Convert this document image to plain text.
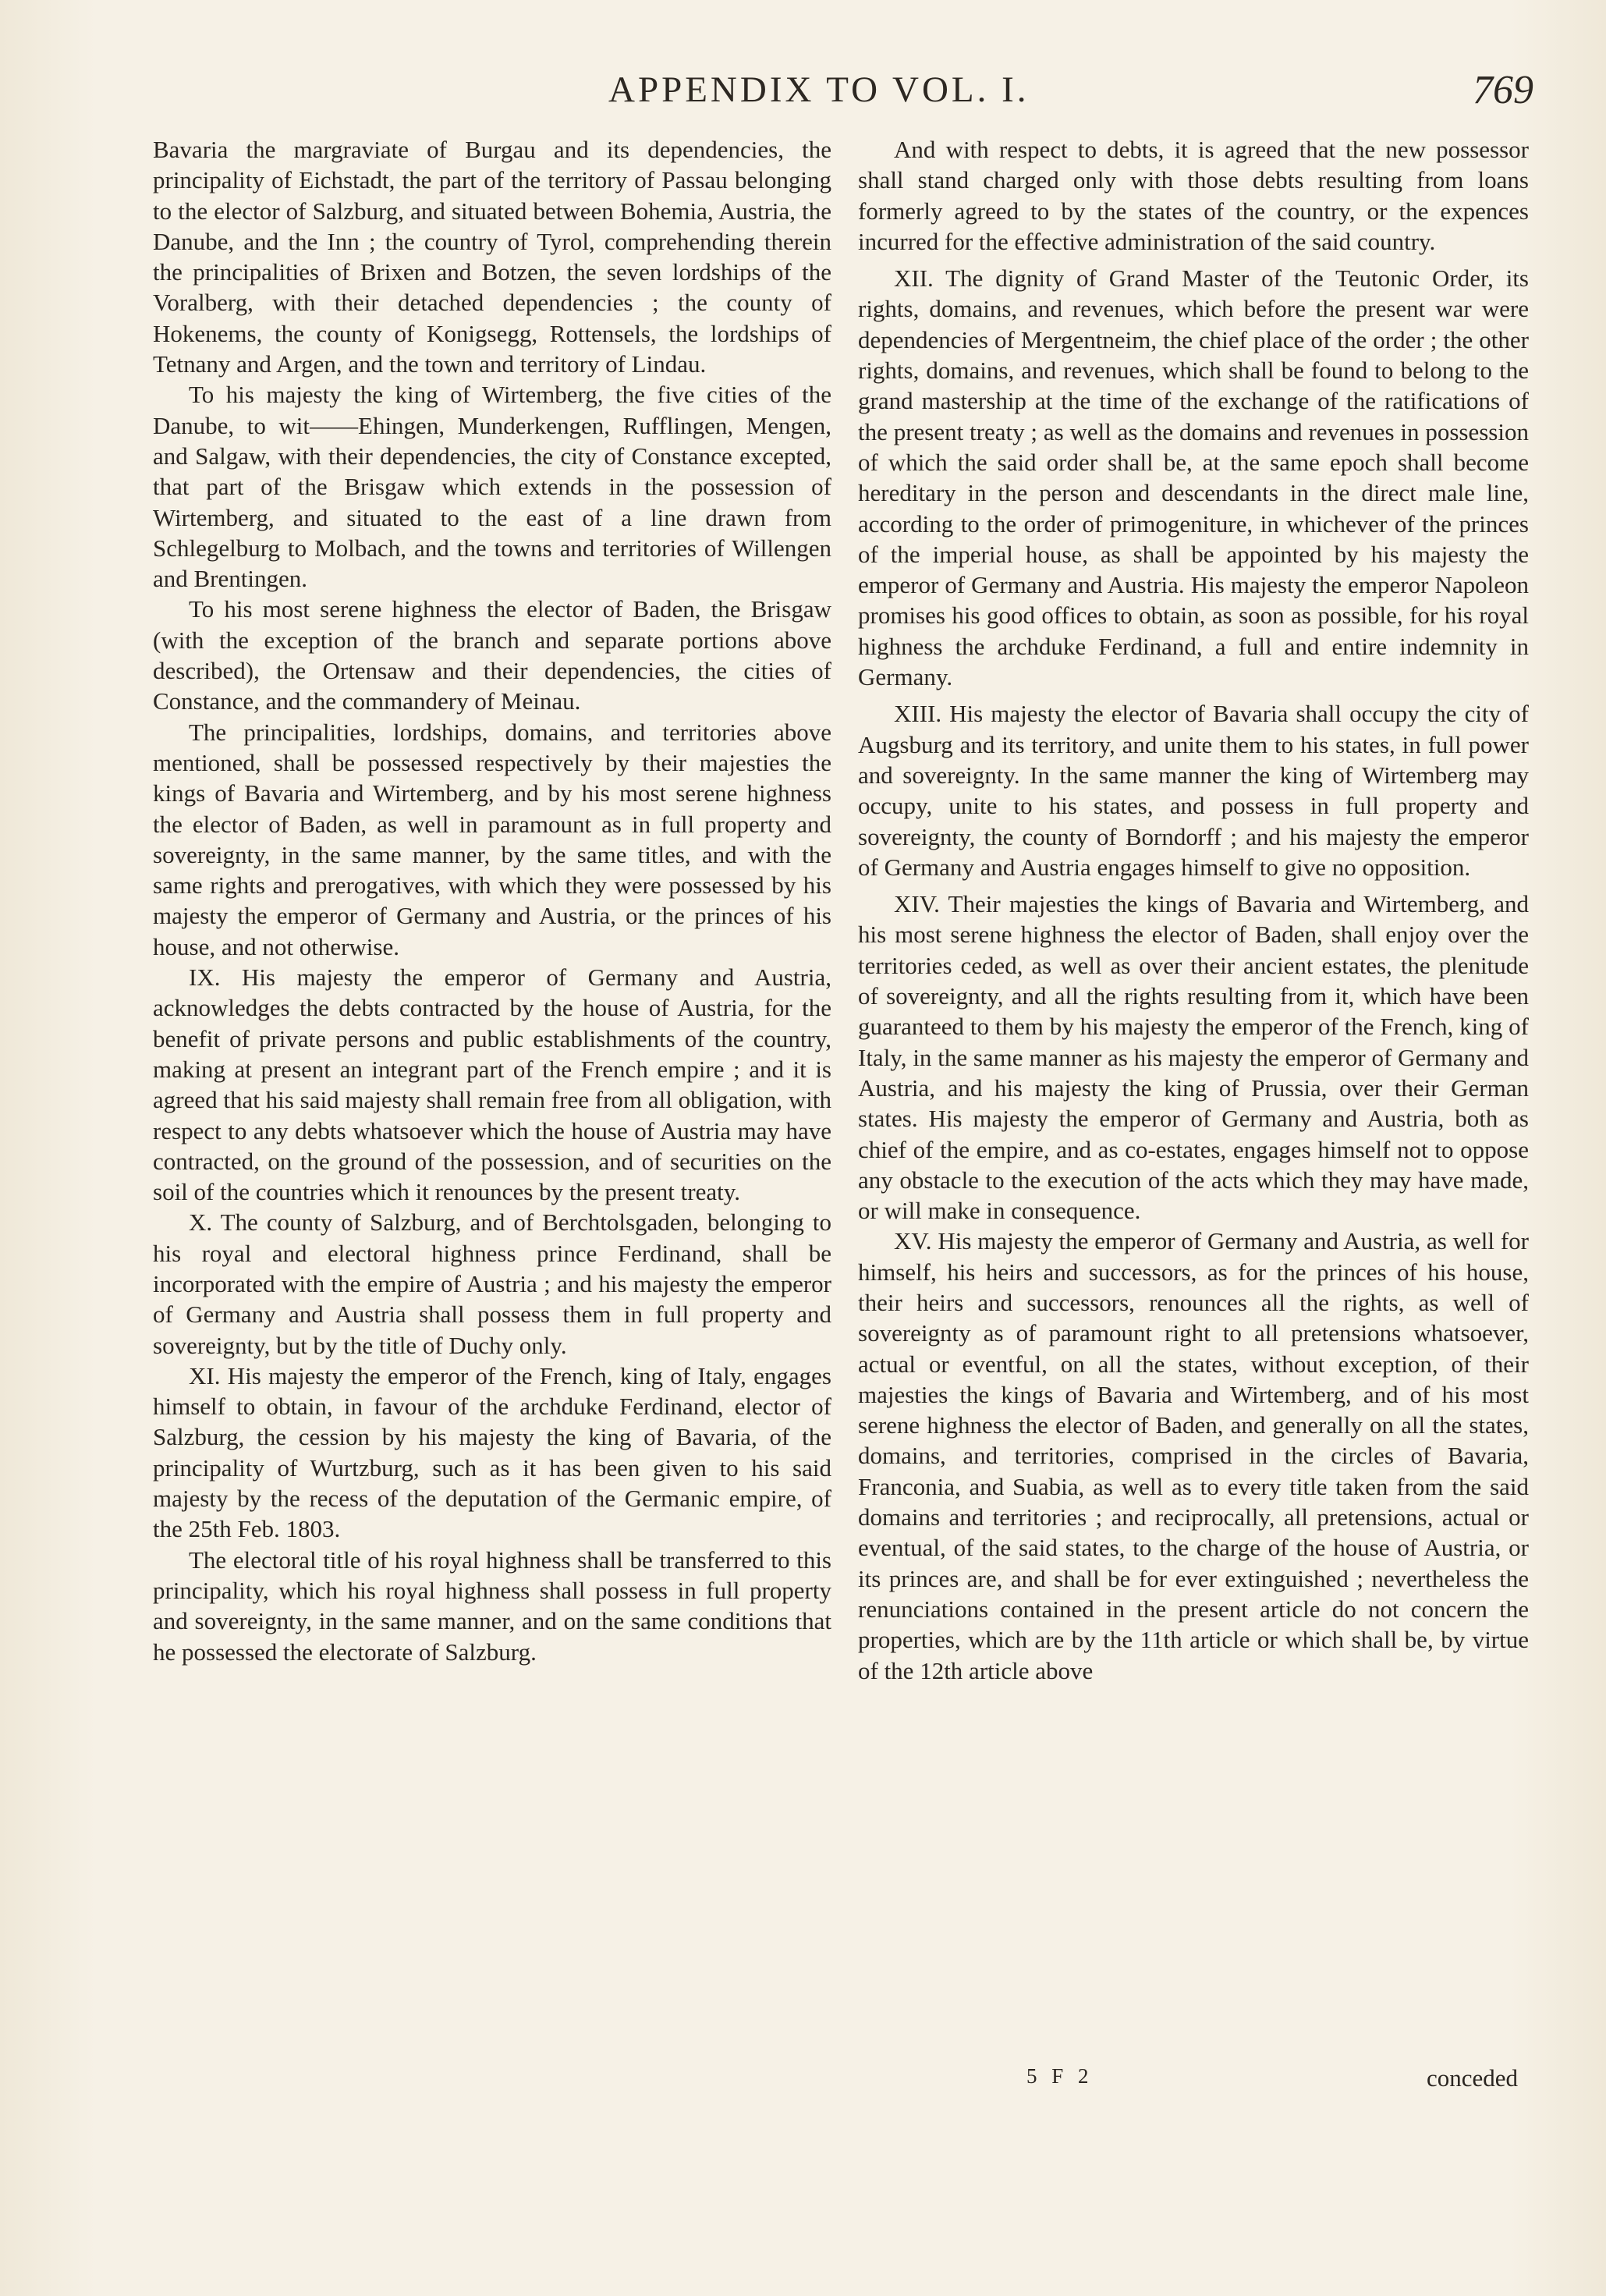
APPENDIX TO VOL. I.	769

Bavaria the margraviate of Burgau and its dependencies, the principality of Eichstadt, the part of the territory of Passau belonging to the elector of Salzburg, and situated between Bohemia, Austria, the Danube, and the Inn ; the country of Tyrol, comprehending therein the principalities of Brixen and Botzen, the seven lordships of the Voralberg, with their detached dependencies ; the county of Hokenems, the county of Konigsegg, Rottensels, the lordships of Tetnany and Argen, and the town and territory of Lindau.

To his majesty the king of Wirtemberg, the five cities of the Danube, to wit——Ehingen, Munderkengen, Rufflingen, Mengen, and Salgaw, with their dependencies, the city of Constance excepted, that part of the Brisgaw which extends in the possession of Wirtemberg, and situated to the east of a line drawn from Schlegelburg to Molbach, and the towns and territories of Willengen and Brentingen.

To his most serene highness the elector of Baden, the Brisgaw (with the exception of the branch and separate portions above described), the Ortensaw and their dependencies, the cities of Constance, and the commandery of Meinau.

The principalities, lordships, domains, and territories above mentioned, shall be possessed respectively by their majesties the kings of Bavaria and Wirtemberg, and by his most serene highness the elector of Baden, as well in paramount as in full property and sovereignty, in the same manner, by the same titles, and with the same rights and prerogatives, with which they were possessed by his majesty the emperor of Germany and Austria, or the princes of his house, and not otherwise.

IX. His majesty the emperor of Germany and Austria, acknowledges the debts contracted by the house of Austria, for the benefit of private persons and public establishments of the country, making at present an integrant part of the French empire ; and it is agreed that his said majesty shall remain free from all obligation, with respect to any debts whatsoever which the house of Austria may have contracted, on the ground of the possession, and of securities on the soil of the countries which it renounces by the present treaty.

X. The county of Salzburg, and of Berchtolsgaden, belonging to his royal and electoral highness prince Ferdinand, shall be incorporated with the empire of Austria ; and his majesty the emperor of Germany and Austria shall possess them in full property and sovereignty, but by the title of Duchy only.

XI. His majesty the emperor of the French, king of Italy, engages himself to obtain, in favour of the archduke Ferdinand, elector of Salzburg, the cession by his majesty the king of Bavaria, of the principality of Wurtzburg, such as it has been given to his said majesty by the recess of the deputation of the Germanic empire, of the 25th Feb. 1803.

The electoral title of his royal highness shall be transferred to this principality, which his royal highness shall possess in full property and sovereignty, in the same manner, and on the same conditions that he possessed the electorate of Salzburg.

And with respect to debts, it is agreed that the new possessor shall stand charged only with those debts resulting from loans formerly agreed to by the states of the country, or the expences incurred for the effective administration of the said country.

XII. The dignity of Grand Master of the Teutonic Order, its rights, domains, and revenues, which before the present war were dependencies of Mergentneim, the chief place of the order ; the other rights, domains, and revenues, which shall be found to belong to the grand mastership at the time of the exchange of the ratifications of the present treaty ; as well as the domains and revenues in possession of which the said order shall be, at the same epoch shall become hereditary in the person and descendants in the direct male line, according to the order of primogeniture, in whichever of the princes of the imperial house, as shall be appointed by his majesty the emperor of Germany and Austria. His majesty the emperor Napoleon promises his good offices to obtain, as soon as possible, for his royal highness the archduke Ferdinand, a full and entire indemnity in Germany.

XIII. His majesty the elector of Bavaria shall occupy the city of Augsburg and its territory, and unite them to his states, in full power and sovereignty. In the same manner the king of Wirtemberg may occupy, unite to his states, and possess in full property and sovereignty, the county of Borndorff ; and his majesty the emperor of Germany and Austria engages himself to give no opposition.

XIV. Their majesties the kings of Bavaria and Wirtemberg, and his most serene highness the elector of Baden, shall enjoy over the territories ceded, as well as over their ancient estates, the plenitude of sovereignty, and all the rights resulting from it, which have been guaranteed to them by his majesty the emperor of the French, king of Italy, in the same manner as his majesty the emperor of Germany and Austria, and his majesty the king of Prussia, over their German states. His majesty the emperor of Germany and Austria, both as chief of the empire, and as co-estates, engages himself not to oppose any obstacle to the execution of the acts which they may have made, or will make in consequence.

XV. His majesty the emperor of Germany and Austria, as well for himself, his heirs and successors, as for the princes of his house, their heirs and successors, renounces all the rights, as well of sovereignty as of paramount right to all pretensions whatsoever, actual or eventful, on all the states, without exception, of their majesties the kings of Bavaria and Wirtemberg, and of his most serene highness the elector of Baden, and generally on all the states, domains, and territories, comprised in the circles of Bavaria, Franconia, and Suabia, as well as to every title taken from the said domains and territories ; and reciprocally, all pretensions, actual or eventual, of the said states, to the charge of the house of Austria, or its princes are, and shall be for ever extinguished ; nevertheless the renunciations contained in the present article do not concern the properties, which are by the 11th article or which shall be, by virtue of the 12th article above

5 F 2	conceded
